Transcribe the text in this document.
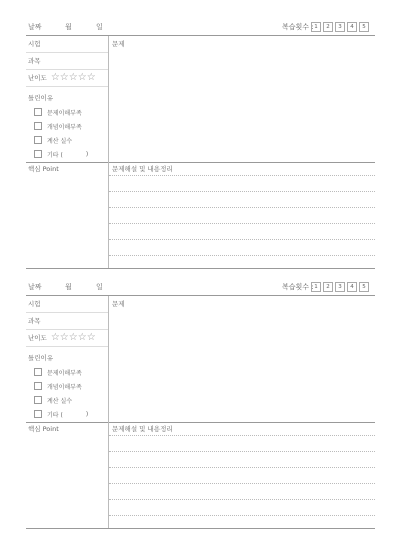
날짜	월	일	복습횟수 : 1	2	3	4	5
시험
과목
난이도 ☆☆☆☆☆
틀린이유
문제이해부족
개념이해부족
계산 실수
기타 (	)
문제
핵심 Point	문제해설 및 내용정리
날짜	월	일	복습횟수 : 1	2	3	4	5
시험
과목
난이도 ☆☆☆☆☆
틀린이유
문제이해부족
개념이해부족
계산 실수
기타 (	)
문제
핵심 Point	문제해설 및 내용정리
